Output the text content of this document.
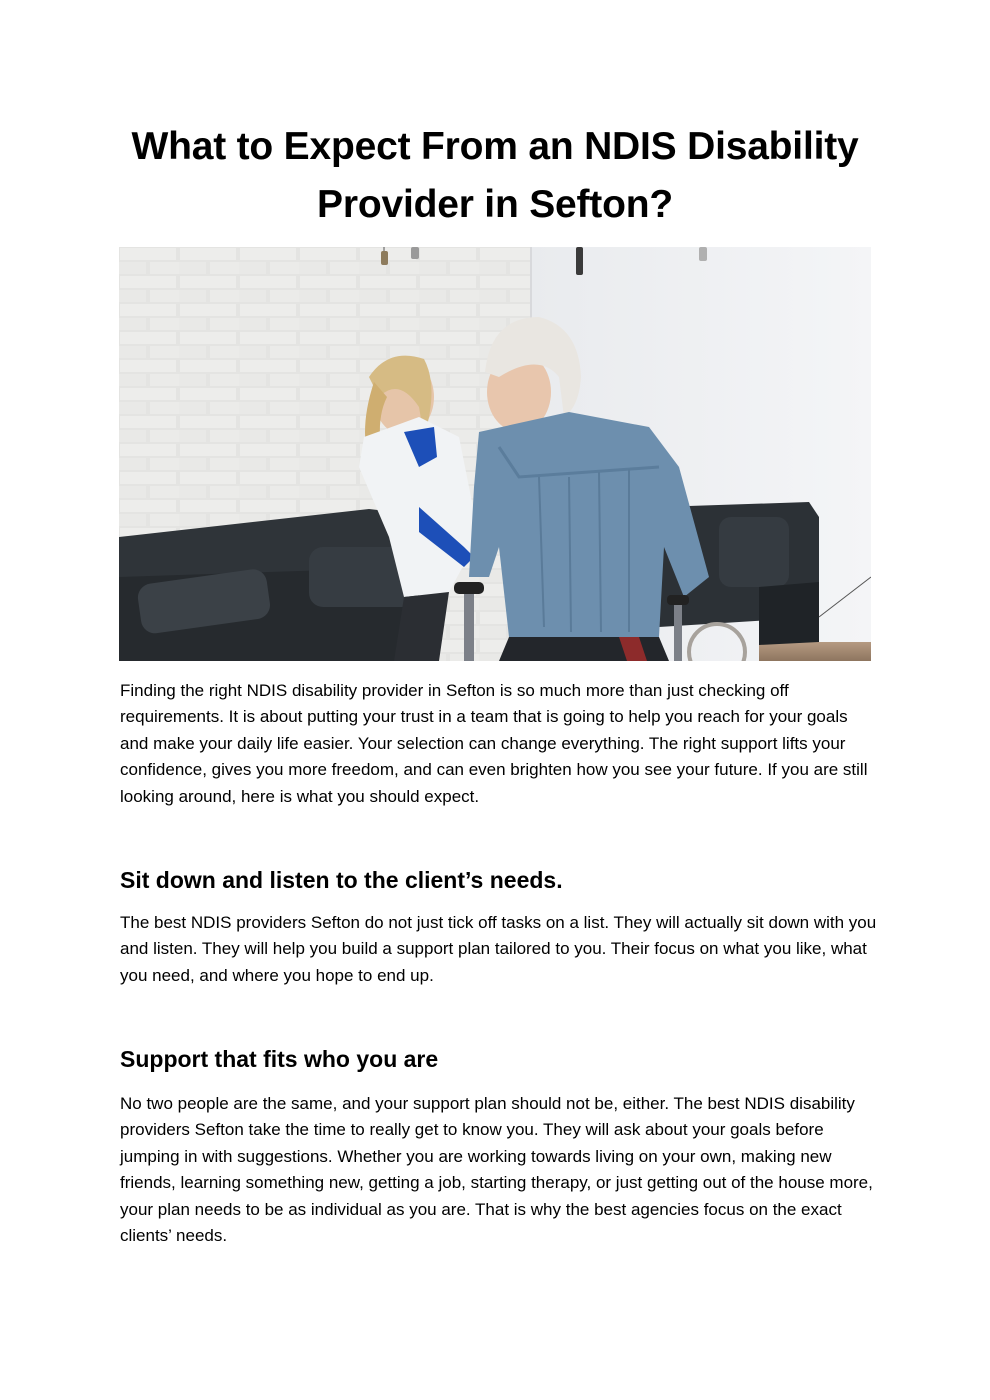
What to Expect From an NDIS Disability Provider in Sefton?

Finding the right NDIS disability provider in Sefton is so much more than just checking off requirements. It is about putting your trust in a team that is going to help you reach for your goals and make your daily life easier. Your selection can change everything. The right support lifts your confidence, gives you more freedom, and can even brighten how you see your future. If you are still looking around, here is what you should expect.

Sit down and listen to the client’s needs.

The best NDIS providers Sefton do not just tick off tasks on a list. They will actually sit down with you and listen. They will help you build a support plan tailored to you. Their focus on what you like, what you need, and where you hope to end up.

Support that fits who you are

No two people are the same, and your support plan should not be, either. The best NDIS disability providers Sefton take the time to really get to know you. They will ask about your goals before jumping in with suggestions. Whether you are working towards living on your own, making new friends, learning something new, getting a job, starting therapy, or just getting out of the house more, your plan needs to be as individual as you are. That is why the best agencies focus on the exact clients’ needs.
